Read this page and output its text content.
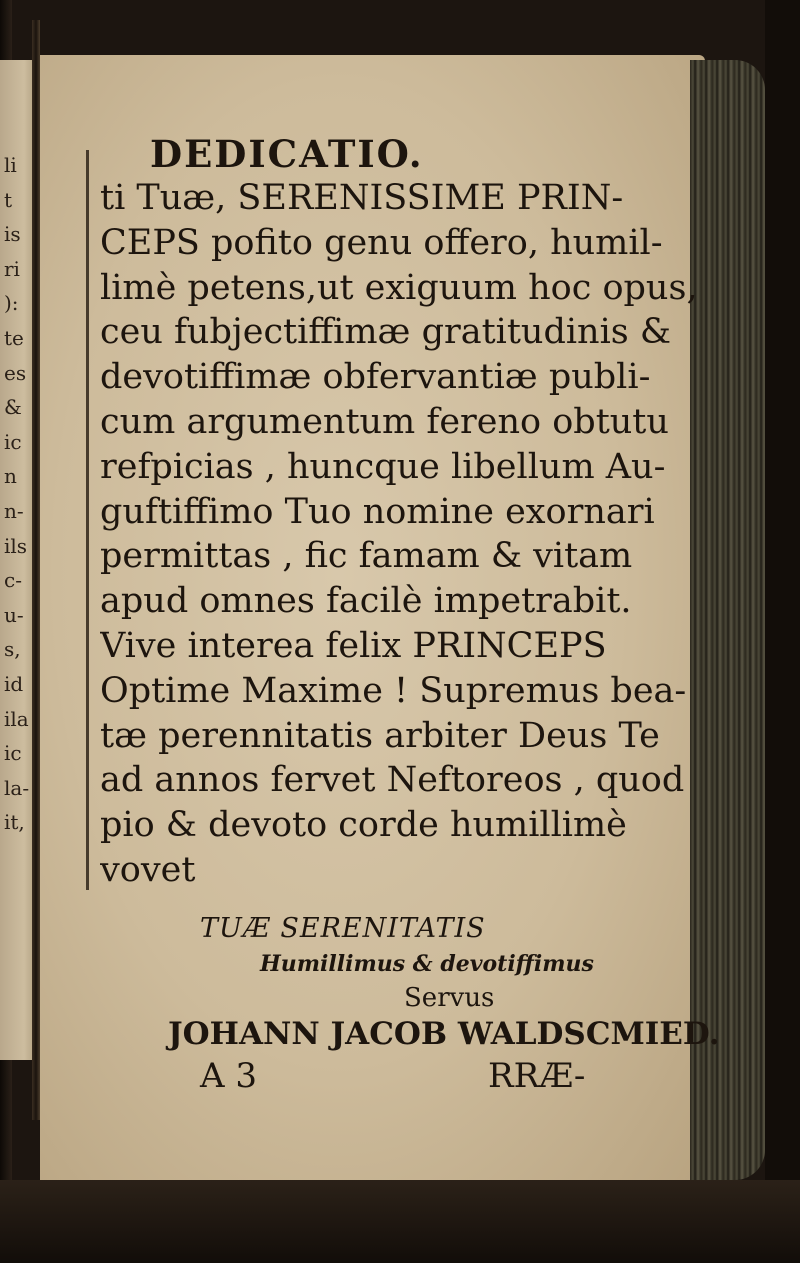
li
t
is
ri
):
te
es
&
ic
n
n-
ils
c-
u-
s,
id
ila
ic
la-
it,
DEDICATIO.
ti Tuæ, SERENISSIME PRIN-
CEPS pofito genu offero, humil-
limè petens,ut exiguum hoc opus,
ceu fubjectiffimæ gratitudinis &
devotiffimæ obfervantiæ publi-
cum argumentum fereno obtutu
refpicias , huncque libellum Au-
guftiffimo Tuo nomine exornari
permittas , fic famam & vitam
apud omnes facilè impetrabit.
Vive interea felix PRINCEPS
Optime Maxime ! Supremus bea-
tæ perennitatis arbiter Deus Te
ad annos fervet Neftoreos , quod
pio & devoto corde humillimè
vovet
TUÆ SERENITATIS
Humillimus & devotiffimus
Servus
JOHANN JACOB WALDSCMIED.
A 3	RRÆ-
